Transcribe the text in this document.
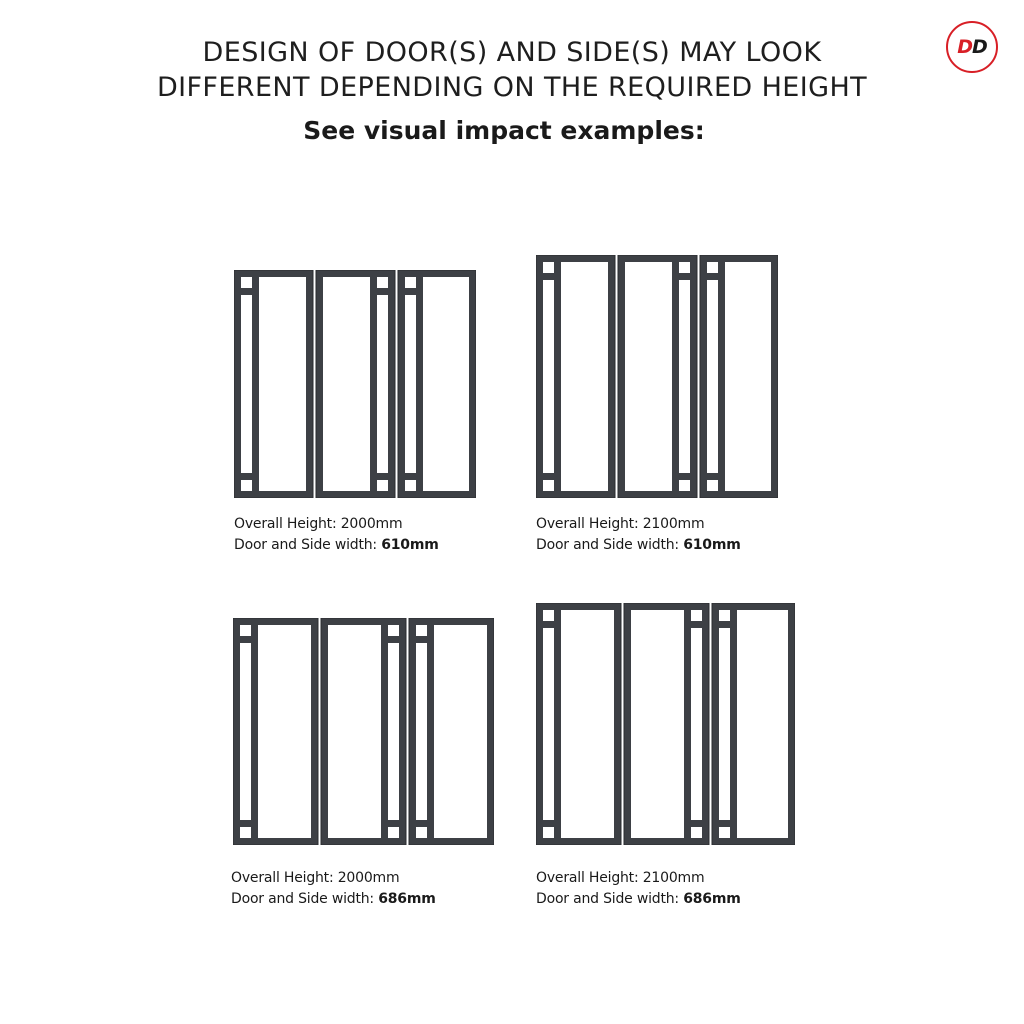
DESIGN OF DOOR(S) AND SIDE(S) MAY LOOK
DIFFERENT DEPENDING ON THE REQUIRED HEIGHT
See visual impact examples:
DD
Overall Height: 2000mm
Door and Side width: 610mm
Overall Height: 2100mm
Door and Side width: 610mm
Overall Height: 2000mm
Door and Side width: 686mm
Overall Height: 2100mm
Door and Side width: 686mm
